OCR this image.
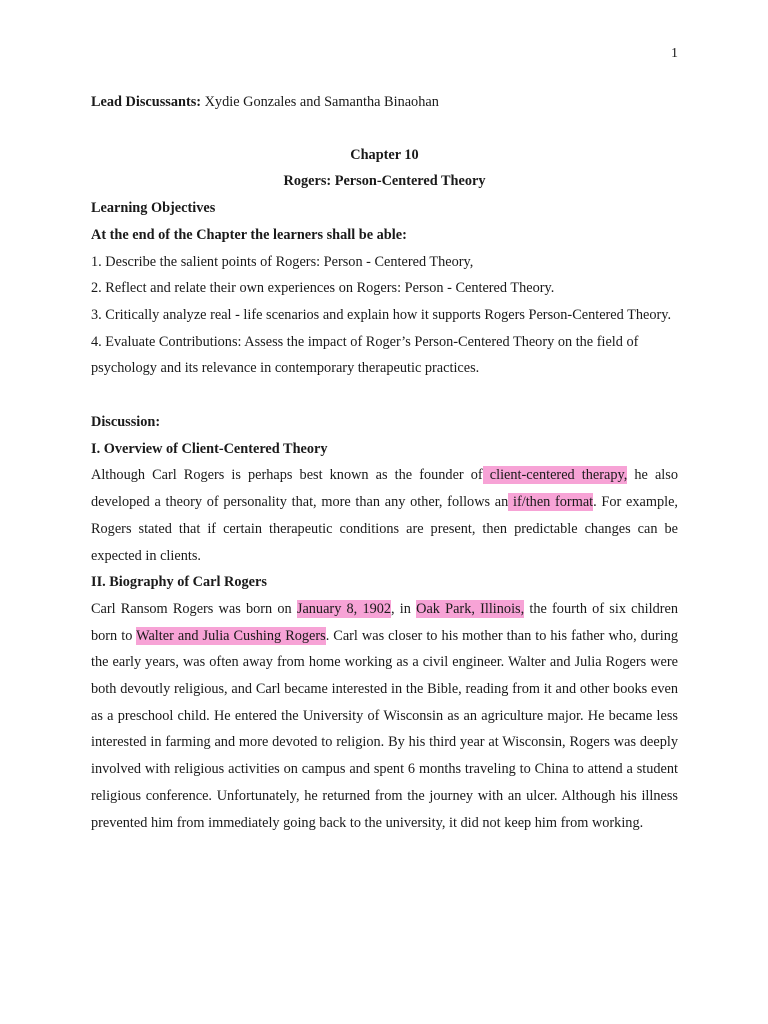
1

Lead Discussants: Xydie Gonzales and Samantha Binaohan

Chapter 10

Rogers: Person-Centered Theory

Learning Objectives

At the end of the Chapter the learners shall be able:

1. Describe the salient points of Rogers: Person - Centered Theory,

2. Reflect and relate their own experiences on Rogers: Person - Centered Theory.

3. Critically analyze real - life scenarios and explain how it supports Rogers Person-Centered Theory.

4. Evaluate Contributions: Assess the impact of Roger’s Person-Centered Theory on the field of psychology and its relevance in contemporary therapeutic practices.

Discussion:

I. Overview of Client-Centered Theory

Although Carl Rogers is perhaps best known as the founder of client-centered therapy, he also developed a theory of personality that, more than any other, follows an if/then format. For example, Rogers stated that if certain therapeutic conditions are present, then predictable changes can be expected in clients.

II. Biography of Carl Rogers

Carl Ransom Rogers was born on January 8, 1902, in Oak Park, Illinois, the fourth of six children born to Walter and Julia Cushing Rogers. Carl was closer to his mother than to his father who, during the early years, was often away from home working as a civil engineer. Walter and Julia Rogers were both devoutly religious, and Carl became interested in the Bible, reading from it and other books even as a preschool child. He entered the University of Wisconsin as an agriculture major. He became less interested in farming and more devoted to religion. By his third year at Wisconsin, Rogers was deeply involved with religious activities on campus and spent 6 months traveling to China to attend a student religious conference. Unfortunately, he returned from the journey with an ulcer. Although his illness prevented him from immediately going back to the university, it did not keep him from working.
